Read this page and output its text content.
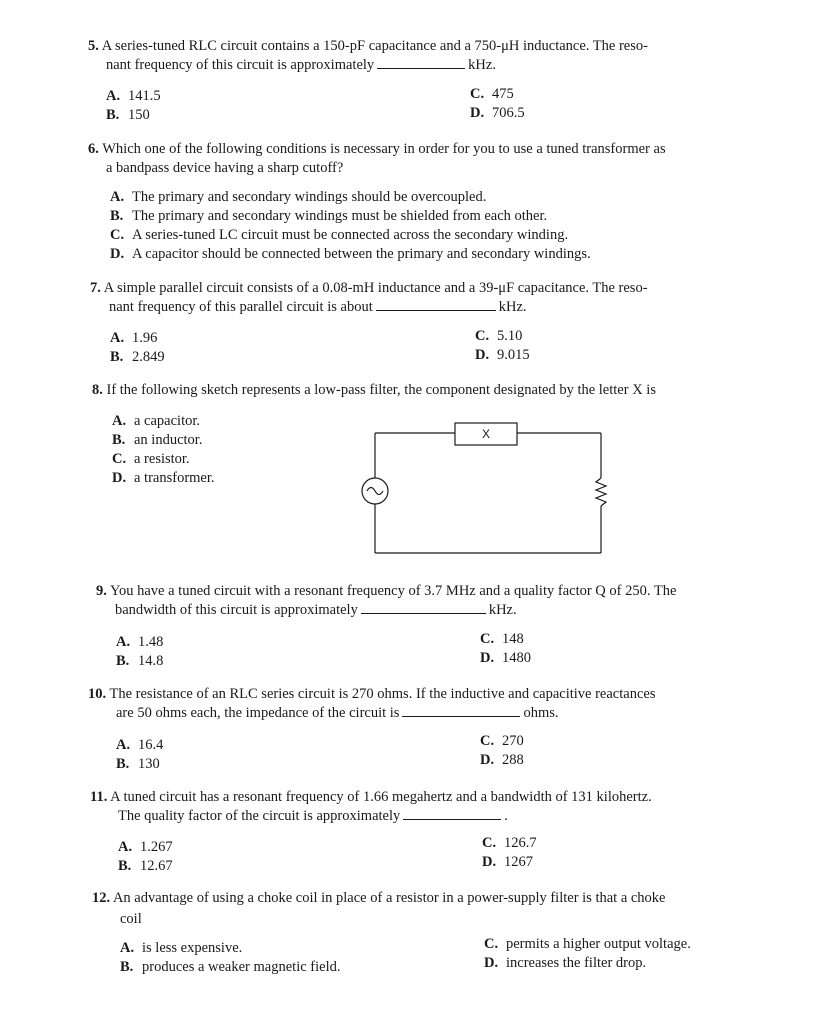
5. A series-tuned RLC circuit contains a 150-pF capacitance and a 750-μH inductance. The reso-
nant frequency of this circuit is approximately	kHz.
A. 141.5
B. 150
C. 475
D. 706.5
6. Which one of the following conditions is necessary in order for you to use a tuned transformer as
a bandpass device having a sharp cutoff?
A. The primary and secondary windings should be overcoupled.
B. The primary and secondary windings must be shielded from each other.
C. A series-tuned LC circuit must be connected across the secondary winding.
D. A capacitor should be connected between the primary and secondary windings.
7. A simple parallel circuit consists of a 0.08-mH inductance and a 39-μF capacitance. The reso-
nant frequency of this parallel circuit is about	kHz.
A. 1.96
B. 2.849
C. 5.10
D. 9.015
8. If the following sketch represents a low-pass filter, the component designated by the letter X is
A. a capacitor.
B. an inductor.
C. a resistor.
D. a transformer.
X
9. You have a tuned circuit with a resonant frequency of 3.7 MHz and a quality factor Q of 250. The
bandwidth of this circuit is approximately	kHz.
A. 1.48
B. 14.8
C. 148
D. 1480
10. The resistance of an RLC series circuit is 270 ohms. If the inductive and capacitive reactances
are 50 ohms each, the impedance of the circuit is	ohms.
A. 16.4
B. 130
C. 270
D. 288
11. A tuned circuit has a resonant frequency of 1.66 megahertz and a bandwidth of 131 kilohertz.
The quality factor of the circuit is approximately	.
A. 1.267
B. 12.67
C. 126.7
D. 1267
12. An advantage of using a choke coil in place of a resistor in a power-supply filter is that a choke
coil
A. is less expensive.
B. produces a weaker magnetic field.
C. permits a higher output voltage.
D. increases the filter drop.
